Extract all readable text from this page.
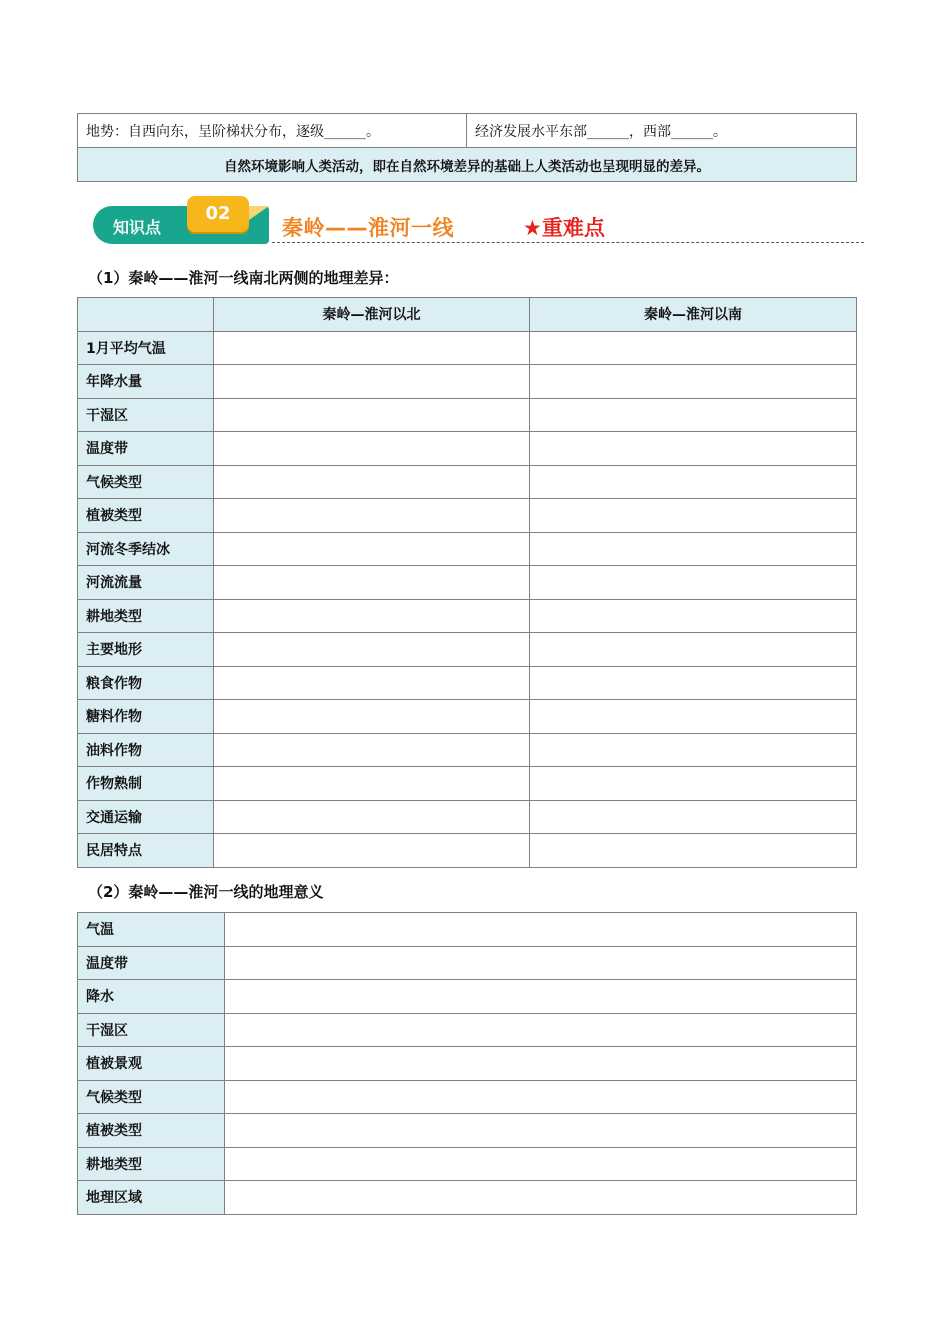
地势：自西向东，呈阶梯状分布，逐级______。	经济发展水平东部______，西部______。
自然环境影响人类活动，即在自然环境差异的基础上人类活动也呈现明显的差异。
知识点
02
秦岭——淮河一线	★重难点
（1）秦岭——淮河一线南北两侧的地理差异：
	秦岭—淮河以北	秦岭—淮河以南
1月平均气温		
年降水量		
干湿区		
温度带		
气候类型		
植被类型		
河流冬季结冰		
河流流量		
耕地类型		
主要地形		
粮食作物		
糖料作物		
油料作物		
作物熟制		
交通运输		
民居特点		
（2）秦岭——淮河一线的地理意义
气温	
温度带	
降水	
干湿区	
植被景观	
气候类型	
植被类型	
耕地类型	
地理区域	
